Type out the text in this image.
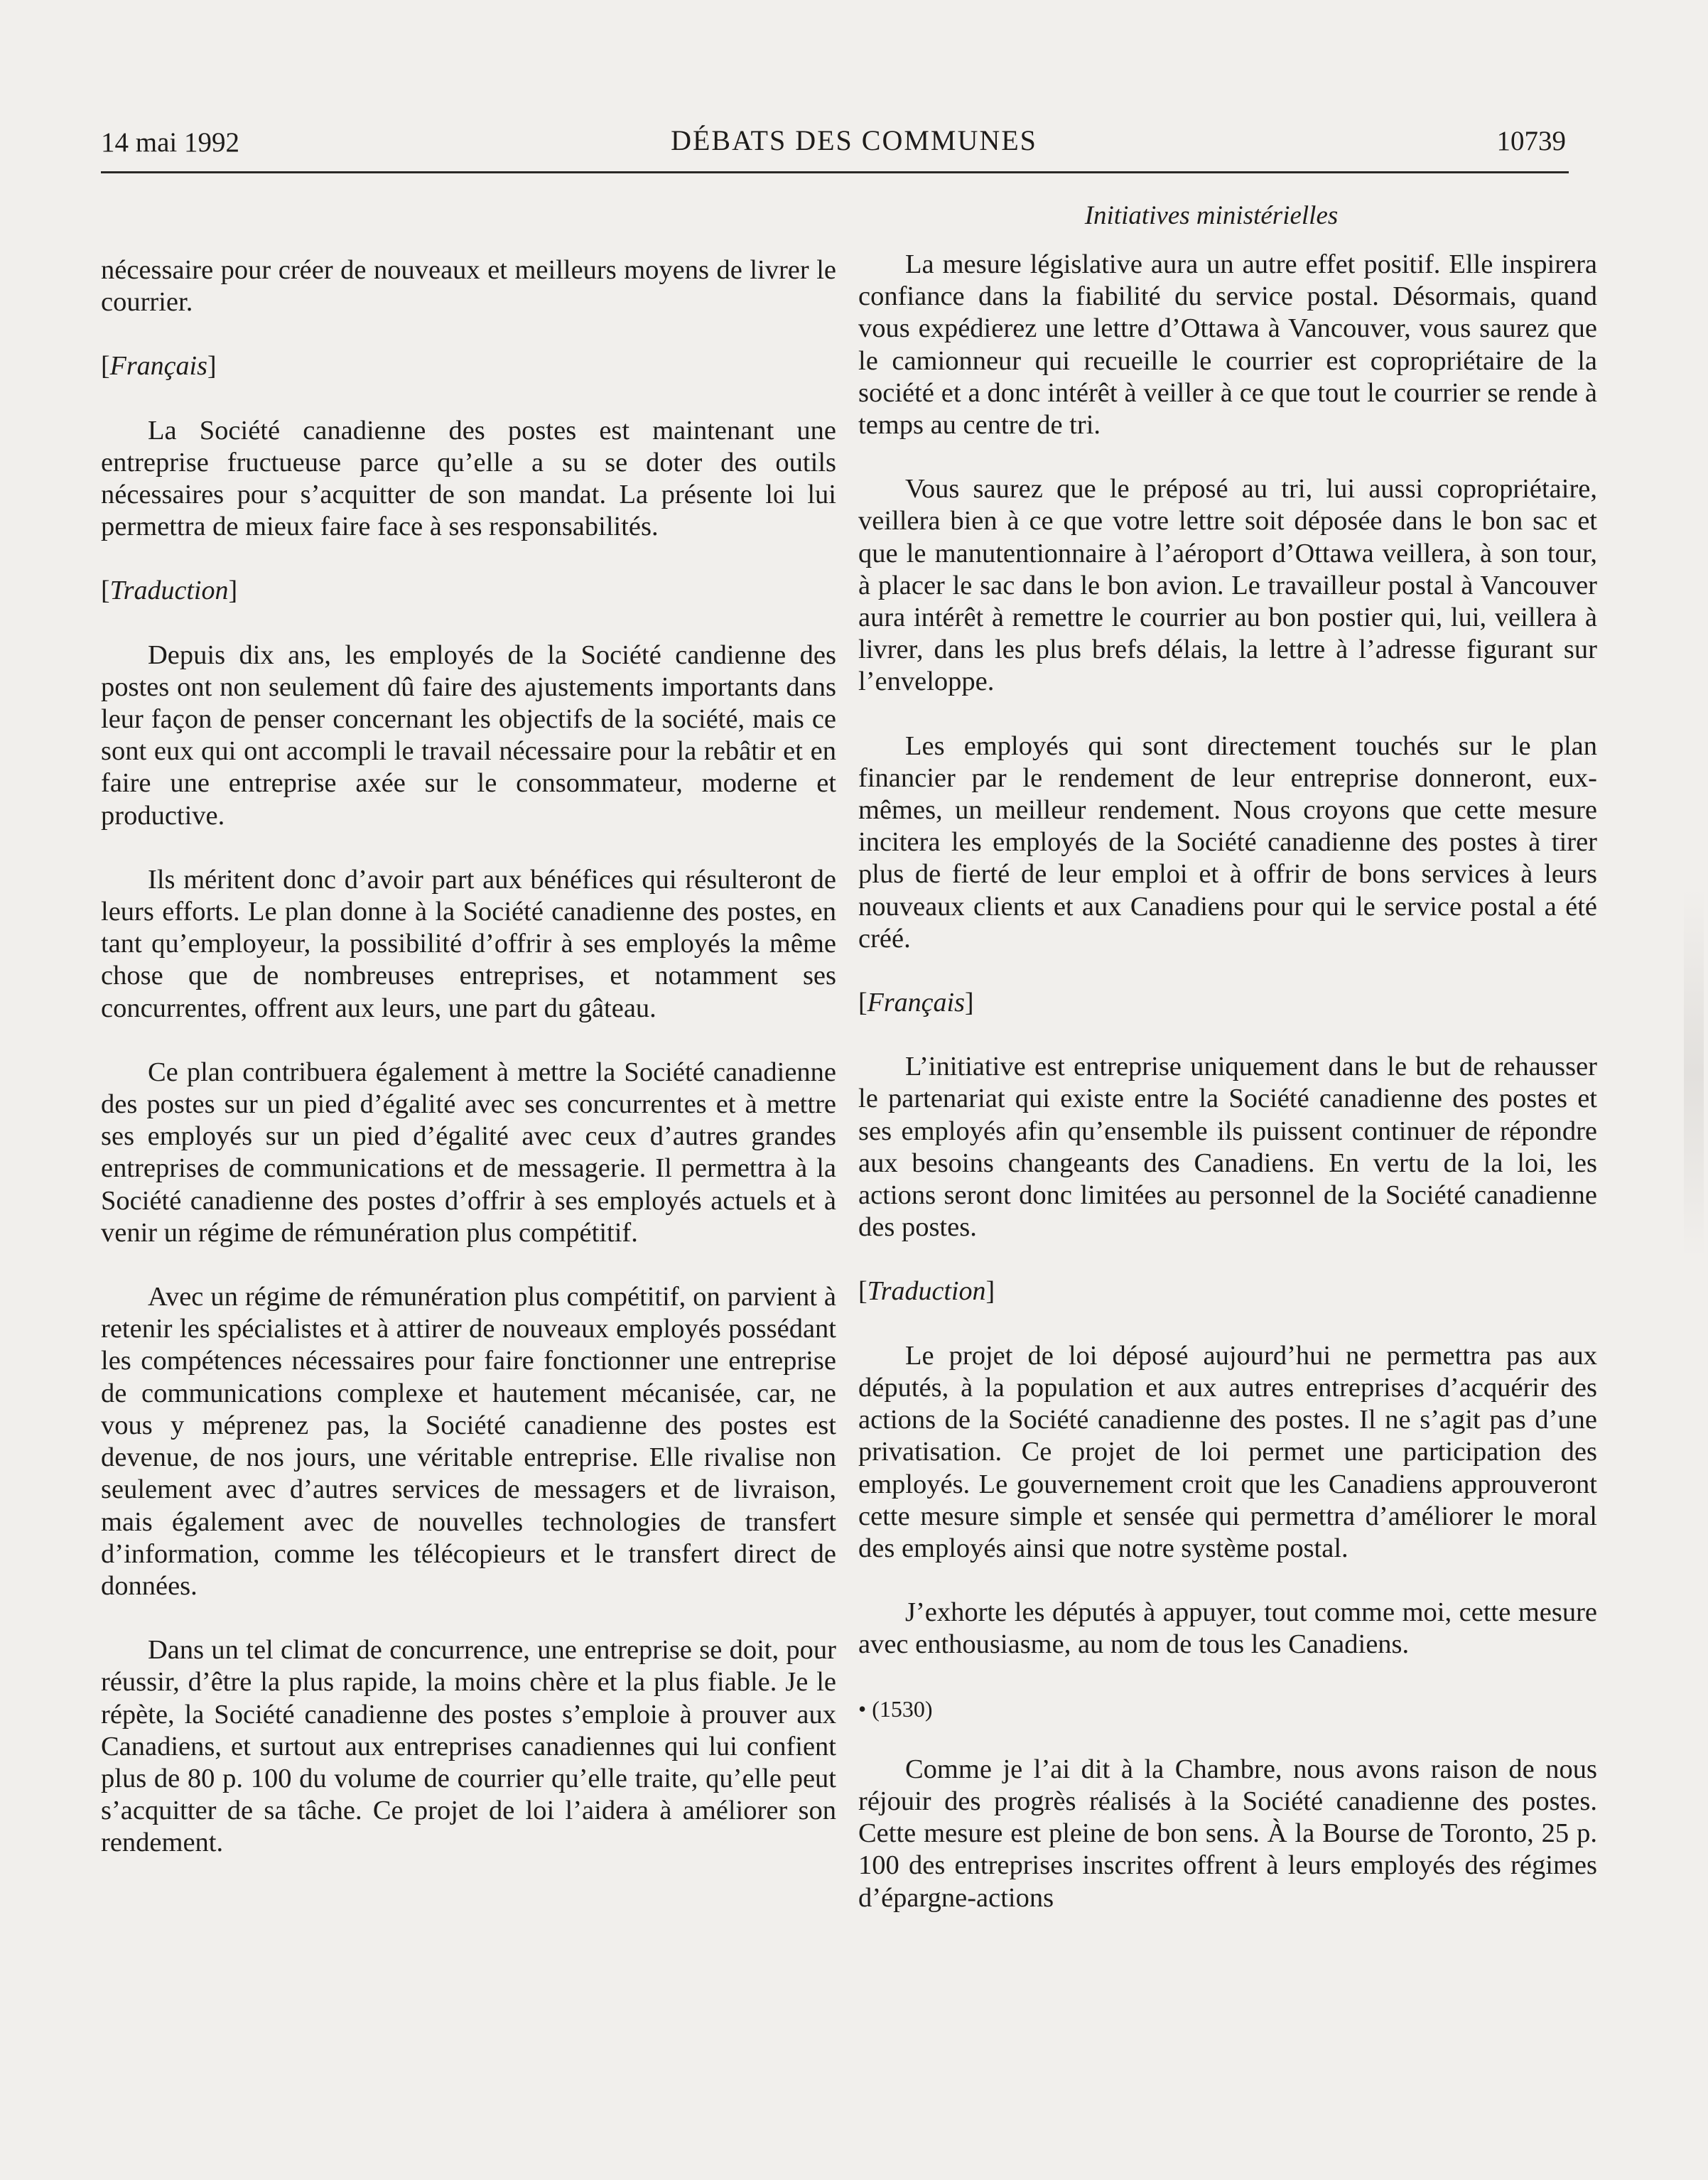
14 mai 1992	DÉBATS DES COMMUNES	10739
Initiatives ministérielles

nécessaire pour créer de nouveaux et meilleurs moyens de livrer le courrier.

[Français]

La Société canadienne des postes est maintenant une entreprise fructueuse parce qu’elle a su se doter des outils nécessaires pour s’acquitter de son mandat. La présente loi lui permettra de mieux faire face à ses responsabilités.

[Traduction]

Depuis dix ans, les employés de la Société candienne des postes ont non seulement dû faire des ajustements importants dans leur façon de penser concernant les objectifs de la société, mais ce sont eux qui ont accompli le travail nécessaire pour la rebâtir et en faire une entreprise axée sur le consommateur, moderne et productive.

Ils méritent donc d’avoir part aux bénéfices qui résulteront de leurs efforts. Le plan donne à la Société canadienne des postes, en tant qu’employeur, la possibilité d’offrir à ses employés la même chose que de nombreuses entreprises, et notamment ses concurrentes, offrent aux leurs, une part du gâteau.

Ce plan contribuera également à mettre la Société canadienne des postes sur un pied d’égalité avec ses concurrentes et à mettre ses employés sur un pied d’égalité avec ceux d’autres grandes entreprises de communications et de messagerie. Il permettra à la Société canadienne des postes d’offrir à ses employés actuels et à venir un régime de rémunération plus compétitif.

Avec un régime de rémunération plus compétitif, on parvient à retenir les spécialistes et à attirer de nouveaux employés possédant les compétences nécessaires pour faire fonctionner une entreprise de communications complexe et hautement mécanisée, car, ne vous y méprenez pas, la Société canadienne des postes est devenue, de nos jours, une véritable entreprise. Elle rivalise non seulement avec d’autres services de messagers et de livraison, mais également avec de nouvelles technologies de transfert d’information, comme les télécopieurs et le transfert direct de données.

Dans un tel climat de concurrence, une entreprise se doit, pour réussir, d’être la plus rapide, la moins chère et la plus fiable. Je le répète, la Société canadienne des postes s’emploie à prouver aux Canadiens, et surtout aux entreprises canadiennes qui lui confient plus de 80 p. 100 du volume de courrier qu’elle traite, qu’elle peut s’acquitter de sa tâche. Ce projet de loi l’aidera à améliorer son rendement.

La mesure législative aura un autre effet positif. Elle inspirera confiance dans la fiabilité du service postal. Désormais, quand vous expédierez une lettre d’Ottawa à Vancouver, vous saurez que le camionneur qui recueille le courrier est copropriétaire de la société et a donc intérêt à veiller à ce que tout le courrier se rende à temps au centre de tri.

Vous saurez que le préposé au tri, lui aussi copropriétaire, veillera bien à ce que votre lettre soit déposée dans le bon sac et que le manutentionnaire à l’aéroport d’Ottawa veillera, à son tour, à placer le sac dans le bon avion. Le travailleur postal à Vancouver aura intérêt à remettre le courrier au bon postier qui, lui, veillera à livrer, dans les plus brefs délais, la lettre à l’adresse figurant sur l’enveloppe.

Les employés qui sont directement touchés sur le plan financier par le rendement de leur entreprise donneront, eux-mêmes, un meilleur rendement. Nous croyons que cette mesure incitera les employés de la Société canadienne des postes à tirer plus de fierté de leur emploi et à offrir de bons services à leurs nouveaux clients et aux Canadiens pour qui le service postal a été créé.

[Français]

L’initiative est entreprise uniquement dans le but de rehausser le partenariat qui existe entre la Société canadienne des postes et ses employés afin qu’ensemble ils puissent continuer de répondre aux besoins changeants des Canadiens. En vertu de la loi, les actions seront donc limitées au personnel de la Société canadienne des postes.

[Traduction]

Le projet de loi déposé aujourd’hui ne permettra pas aux députés, à la population et aux autres entreprises d’acquérir des actions de la Société canadienne des postes. Il ne s’agit pas d’une privatisation. Ce projet de loi permet une participation des employés. Le gouvernement croit que les Canadiens approuveront cette mesure simple et sensée qui permettra d’améliorer le moral des employés ainsi que notre système postal.

J’exhorte les députés à appuyer, tout comme moi, cette mesure avec enthousiasme, au nom de tous les Canadiens.

• (1530)

Comme je l’ai dit à la Chambre, nous avons raison de nous réjouir des progrès réalisés à la Société canadienne des postes. Cette mesure est pleine de bon sens. À la Bourse de Toronto, 25 p. 100 des entreprises inscrites offrent à leurs employés des régimes d’épargne-actions
